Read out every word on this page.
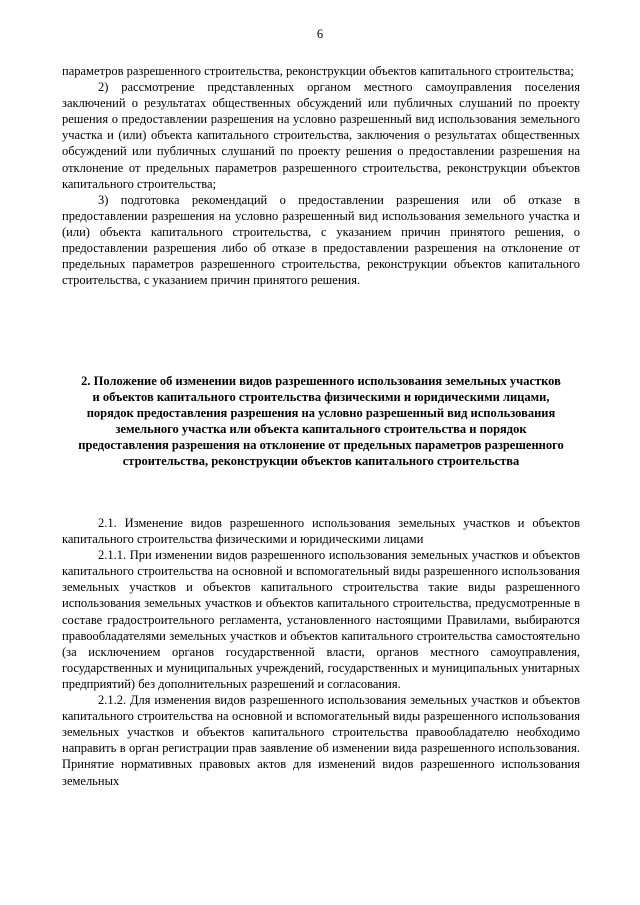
6

параметров разрешенного строительства, реконструкции объектов капитального строительства;

2) рассмотрение представленных органом местного самоуправления поселения заключений о результатах общественных обсуждений или публичных слушаний по проекту решения о предоставлении разрешения на условно разрешенный вид использования земельного участка и (или) объекта капитального строительства, заключения о результатах общественных обсуждений или публичных слушаний по проекту решения о предоставлении разрешения на отклонение от предельных параметров разрешенного строительства, реконструкции объектов капитального строительства;

3) подготовка рекомендаций о предоставлении разрешения или об отказе в предоставлении разрешения на условно разрешенный вид использования земельного участка и (или) объекта капитального строительства, с указанием причин принятого решения, о предоставлении разрешения либо об отказе в предоставлении разрешения на отклонение от предельных параметров разрешенного строительства, реконструкции объектов капитального строительства, с указанием причин принятого решения.

2. Положение об изменении видов разрешенного использования земельных участков и объектов капитального строительства физическими и юридическими лицами, порядок предоставления разрешения на условно разрешенный вид использования земельного участка или объекта капитального строительства и порядок предоставления разрешения на отклонение от предельных параметров разрешенного строительства, реконструкции объектов капитального строительства

2.1. Изменение видов разрешенного использования земельных участков и объектов капитального строительства физическими и юридическими лицами

2.1.1. При изменении видов разрешенного использования земельных участков и объектов капитального строительства на основной и вспомогательный виды разрешенного использования земельных участков и объектов капитального строительства такие виды разрешенного использования земельных участков и объектов капитального строительства, предусмотренные в составе градостроительного регламента, установленного настоящими Правилами, выбираются правообладателями земельных участков и объектов капитального строительства самостоятельно (за исключением органов государственной власти, органов местного самоуправления, государственных и муниципальных учреждений, государственных и муниципальных унитарных предприятий) без дополнительных разрешений и согласования.

2.1.2. Для изменения видов разрешенного использования земельных участков и объектов капитального строительства на основной и вспомогательный виды разрешенного использования земельных участков и объектов капитального строительства правообладателю необходимо направить в орган регистрации прав заявление об изменении вида разрешенного использования. Принятие нормативных правовых актов для изменений видов разрешенного использования земельных
